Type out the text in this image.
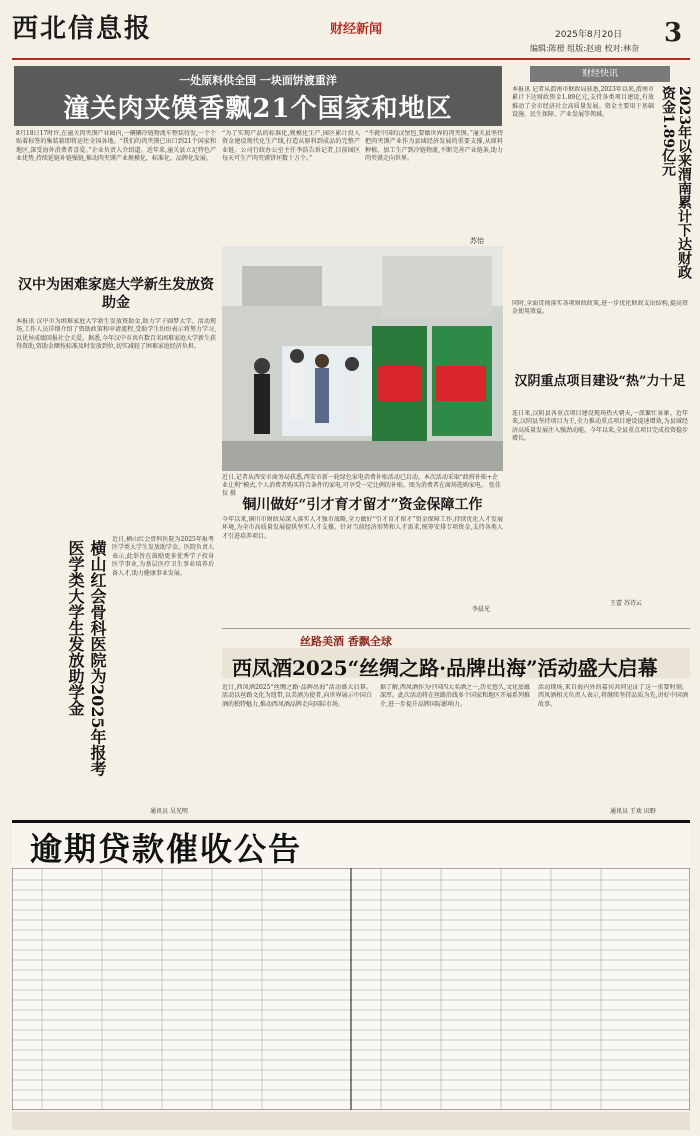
西北信息报	财经新闻	2025年8月20日 3
编辑:陈橙 组版:赵迪 校对:林奈
一处原料供全国 一块面饼渡重洋
潼关肉夹馍香飘21个国家和地区
8月18日17时许,在潼关肉夹馍产业园内,一辆辆冷链物流车整装待发,一个个贴着标签的集装箱即将运往全国各地。“我们的肉夹馍已出口到21个国家和地区,深受海外消费者喜爱。”企业负责人介绍道。近年来,潼关县立足特色产业优势,持续延链补链强链,推动肉夹馍产业规模化、标准化、品牌化发展。
“为了实现产品的标准化,规模化生产,园区累计投入资金建设现代化生产线,打造从原料到成品的完整产业链。公司行政办公室主任李浩告诉记者,目前园区每天可生产肉夹馍饼坯数十万个。”
“不就中国的汉堡包,要做世界的肉夹馍。”潼关县坚持把肉夹馍产业作为县域经济发展的重要支撑,从原料种植、加工生产到冷链物流,不断完善产业链条,助力肉夹馍走向世界。
苏怡
近日,记者从西安市商务局获悉,西安市新一轮绿色家电消费补贴活动已启动。本次活动采取“政府补贴+企业让利”模式,个人消费者购买符合条件的家电,可享受一定比例的补贴。图为消费者在商场选购家电。 张佳仪 摄
汉中为困难家庭大学新生发放资助金
本报讯 汉中市为困难家庭大学新生发放资助金,助力学子圆梦大学。活动现场,工作人员详细介绍了资助政策和申请流程,受助学生纷纷表示将努力学习,以优异成绩回报社会关爱。据悉,今年汉中市共有数百名困难家庭大学新生获得资助,资助金额按标准及时发放到位,切实减轻了困难家庭经济负担。
横山红会骨科医院为2025年报考医学类大学生发放助学金
近日,横山红会骨科医院为2025年报考医学类大学生发放助学金。医院负责人表示,此举旨在鼓励更多优秀学子投身医学事业,为基层医疗卫生事业培养后备人才,助力健康事业发展。
通讯员 吴光明
铜川做好“引才育才留才”资金保障工作
今年以来,铜川市财政局深入落实人才强市战略,全力做好“引才育才留才”资金保障工作,持续优化人才发展环境,为全市高质量发展提供坚实人才支撑。针对当前经济形势和人才需求,统筹安排专项资金,支持各类人才引进培养项目。
李晨光
财经快讯
2023年以来渭南累计下达财政资金1.89亿元
本报讯 记者从渭南市财政局获悉,2023年以来,渭南市累计下达财政资金1.89亿元,支持各类项目建设,有效推动了全市经济社会高质量发展。资金主要用于基础设施、民生保障、产业发展等领域。
同时,全面贯彻落实各项财政政策,进一步优化财政支出结构,提高资金使用效益。
汉阴重点项目建设“热”力十足
连日来,汉阴县各重点项目建设现场热火朝天,一派繁忙景象。近年来,汉阴县坚持项目为王,全力推动重点项目建设提速增效,为县域经济高质量发展注入强劲动能。今年以来,全县重点项目完成投资稳步增长。
王蕾 苏诗云
丝路美酒 香飘全球
西凤酒2025“丝绸之路·品牌出海”活动盛大启幕
近日,西凤酒2025“丝绸之路·品牌出海”活动盛大启幕。活动以丝路文化为纽带,以美酒为使者,向世界展示中国白酒的独特魅力,推动西凤酒品牌走向国际市场。
据了解,西凤酒作为中国四大名酒之一,历史悠久,文化底蕴深厚。此次活动将在丝路沿线多个国家和地区开展系列推介,进一步提升品牌国际影响力。
活动现场,来自海内外的嘉宾共同见证了这一重要时刻。西凤酒相关负责人表示,将继续坚持品质为先,讲好中国酒故事。
通讯员 王欢 田野
逾期贷款催收公告
